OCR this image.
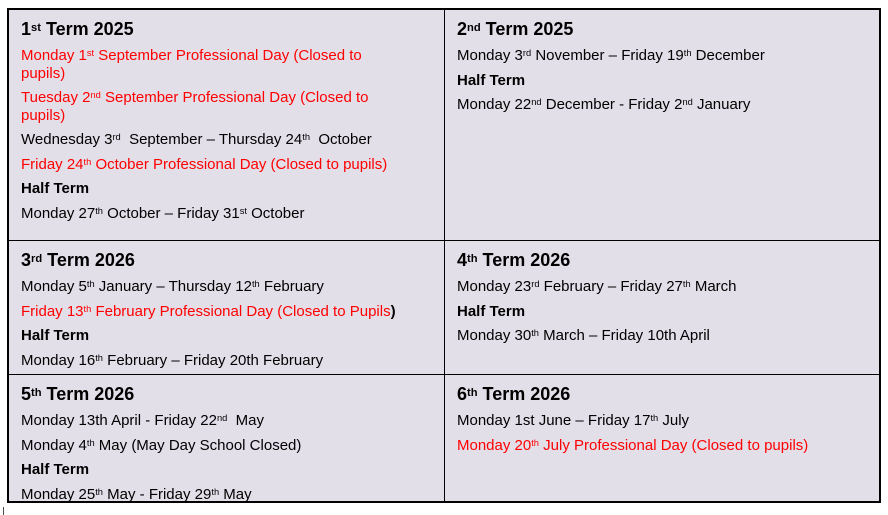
1st Term 2025

Monday 1st September Professional Day (Closed to
pupils)

Tuesday 2nd September Professional Day (Closed to
pupils)

Wednesday 3rd  September – Thursday 24th  October

Friday 24th October Professional Day (Closed to pupils)

Half Term

Monday 27th October – Friday 31st October

2nd Term 2025

Monday 3rd November – Friday 19th December

Half Term

Monday 22nd December - Friday 2nd January

3rd Term 2026

Monday 5th January – Thursday 12th February

Friday 13th February Professional Day (Closed to Pupils)

Half Term

Monday 16th February – Friday 20th February

4th Term 2026

Monday 23rd February – Friday 27th March

Half Term

Monday 30th March – Friday 10th April

5th Term 2026

Monday 13th April - Friday 22nd  May

Monday 4th May (May Day School Closed)

Half Term

Monday 25th May - Friday 29th May

6th Term 2026

Monday 1st June – Friday 17th July

Monday 20th July Professional Day (Closed to pupils)
